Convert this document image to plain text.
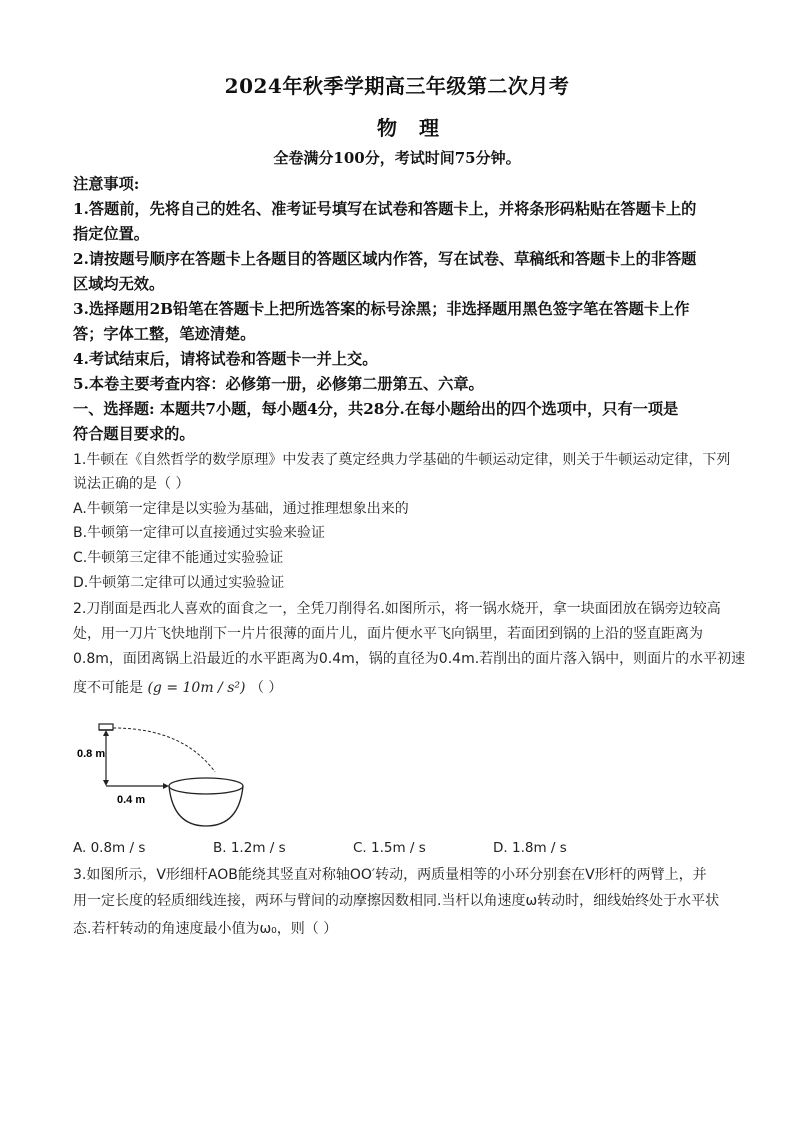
2024年秋季学期高三年级第二次月考
物理
全卷满分100分，考试时间75分钟。
注意事项:
1.答题前，先将自己的姓名、准考证号填写在试卷和答题卡上，并将条形码粘贴在答题卡上的
指定位置。
2.请按题号顺序在答题卡上各题目的答题区域内作答，写在试卷、草稿纸和答题卡上的非答题
区域均无效。
3.选择题用2B铅笔在答题卡上把所选答案的标号涂黑；非选择题用黑色签字笔在答题卡上作
答；字体工整，笔迹清楚。
4.考试结束后，请将试卷和答题卡一并上交。
5.本卷主要考查内容：必修第一册，必修第二册第五、六章。
一、选择题: 本题共7小题，每小题4分，共28分.在每小题给出的四个选项中，只有一项是
符合题目要求的。
1.牛顿在《自然哲学的数学原理》中发表了奠定经典力学基础的牛顿运动定律，则关于牛顿运动定律，下列
说法正确的是（ ）
A.牛顿第一定律是以实验为基础，通过推理想象出来的
B.牛顿第一定律可以直接通过实验来验证
C.牛顿第三定律不能通过实验验证
D.牛顿第二定律可以通过实验验证
2.刀削面是西北人喜欢的面食之一，全凭刀削得名.如图所示，将一锅水烧开，拿一块面团放在锅旁边较高
处，用一刀片飞快地削下一片片很薄的面片儿，面片便水平飞向锅里，若面团到锅的上沿的竖直距离为
0.8m，面团离锅上沿最近的水平距离为0.4m，锅的直径为0.4m.若削出的面片落入锅中，则面片的水平初速
度不可能是 (g = 10m / s²) （ ）
0.8 m
0.4 m
A. 0.8m / s	B. 1.2m / s	C. 1.5m / s	D. 1.8m / s
3.如图所示，V形细杆AOB能绕其竖直对称轴OO′转动，两质量相等的小环分别套在V形杆的两臂上，并
用一定长度的轻质细线连接，两环与臂间的动摩擦因数相同.当杆以角速度ω转动时，细线始终处于水平状
态.若杆转动的角速度最小值为ω₀，则（ ）
